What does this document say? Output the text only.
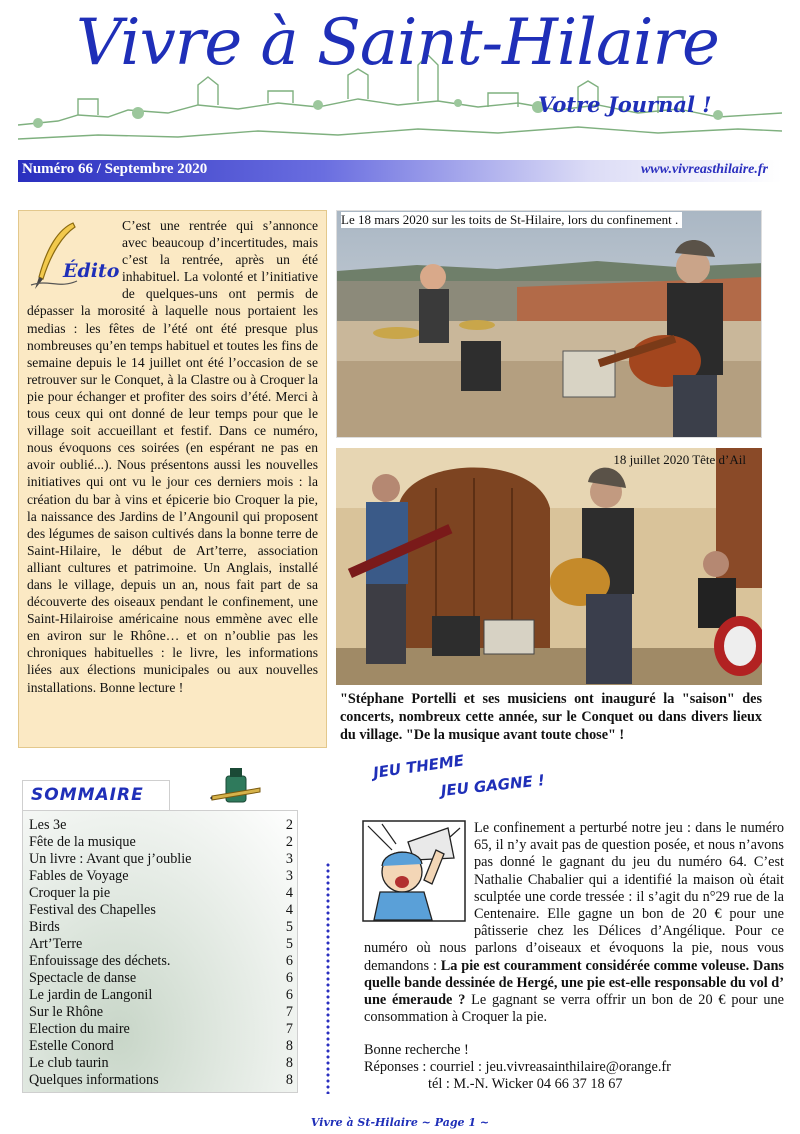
Vivre à Saint-Hilaire
Votre Journal !
Numéro 66 / Septembre 2020	www.vivreasthilaire.fr
Édito
C’est une rentrée qui s’annonce avec beaucoup d’incertitudes, mais c’est la rentrée, après un été inhabituel. La volonté et l’initiative de quelques-uns ont permis de dépasser la morosité à laquelle nous portaient les medias : les fêtes de l’été ont été presque plus nombreuses qu’en temps habituel et toutes les fins de semaine depuis le 14 juillet ont été l’occasion de se retrouver sur le Conquet, à la Clastre ou à Croquer la pie pour échanger et profiter des soirs d’été. Merci à tous ceux qui ont donné de leur temps pour que le village soit accueillant et festif. Dans ce numéro, nous évoquons ces soirées (en espérant ne pas en avoir oublié...). Nous présentons aussi les nouvelles initiatives qui ont vu le jour ces derniers mois : la création du bar à vins et épicerie bio Croquer la pie, la naissance des Jardins de l’Angounil qui proposent des légumes de saison cultivés dans la bonne terre de Saint-Hilaire, le début de Art’terre, association alliant cultures et patrimoine. Un Anglais, installé dans le village, depuis un an, nous fait part de sa découverte des oiseaux pendant le confinement, une Saint-Hilairoise américaine nous emmène avec elle en aviron sur le Rhône… et on n’oublie pas les chroniques habituelles : le livre, les informations liées aux élections municipales ou aux nouvelles installations. Bonne lecture !
Le 18 mars 2020 sur les toits de St-Hilaire, lors du confinement .
18 juillet 2020 Tête d’Ail
"Stéphane Portelli et ses musiciens ont inauguré la "saison" des concerts, nombreux cette année, sur le Conquet ou dans divers lieux du village. "De la musique avant toute chose" !
SOMMAIRE
Les 3e	2
Fête de la musique	2
Un livre : Avant que j’oublie	3
Fables de Voyage	3
Croquer la pie	4
Festival des Chapelles	4
Birds	5
Art’Terre	5
Enfouissage des déchets.	6
Spectacle de danse	6
Le jardin de Langonil	6
Sur le Rhône	7
Election du maire	7
Estelle Conord	8
Le club taurin	8
Quelques informations	8
JEU THEME
JEU GAGNE !
Le confinement a perturbé notre jeu : dans le numéro 65, il n’y avait pas de question posée, et nous n’avons pas donné le gagnant du jeu du numéro 64. C’est Nathalie Chabalier qui a identifié la maison où était sculptée une corde tressée : il s’agit du n°29 rue de la Centenaire. Elle gagne un bon de 20 € pour une pâtisserie chez les Délices d’Angélique. Pour ce numéro où nous parlons d’oiseaux et évoquons la pie, nous vous demandons : La pie est couramment considérée comme voleuse. Dans quelle bande dessinée de Hergé, une pie est-elle responsable du vol d’ une émeraude ? Le gagnant se verra offrir un bon de 20 € pour une consommation à Croquer la pie.
Bonne recherche !
Réponses : courriel : jeu.vivreasainthilaire@orange.fr
tél : M.-N. Wicker 04 66 37 18 67
Vivre à St-Hilaire ~ Page 1 ~
